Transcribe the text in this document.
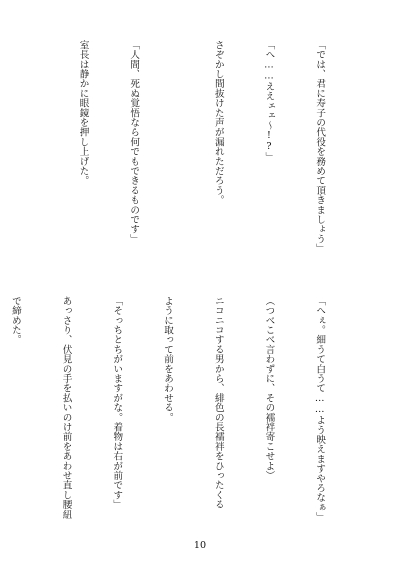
「では、君に寿子の代役を務めて頂きましょう」

「へ……ええェェ～!?」

さぞかし間抜けた声が漏れただろう。

「人間、死ぬ覚悟なら何でもできるものです」

室長は静かに眼鏡を押し上げた。

「へぇ。細うて白うて……よう映えますやろなぁ」

（つべこべ言わずに、その襦袢寄こせよ）

ニコニコする男から、緋色の長襦袢をひったくる

ように取って前をあわせる。

「そっちとちがいますがな。着物は右が前です」

あっさり、伏見の手を払いのけ前をあわせ直し腰紐

で締めた。

10
